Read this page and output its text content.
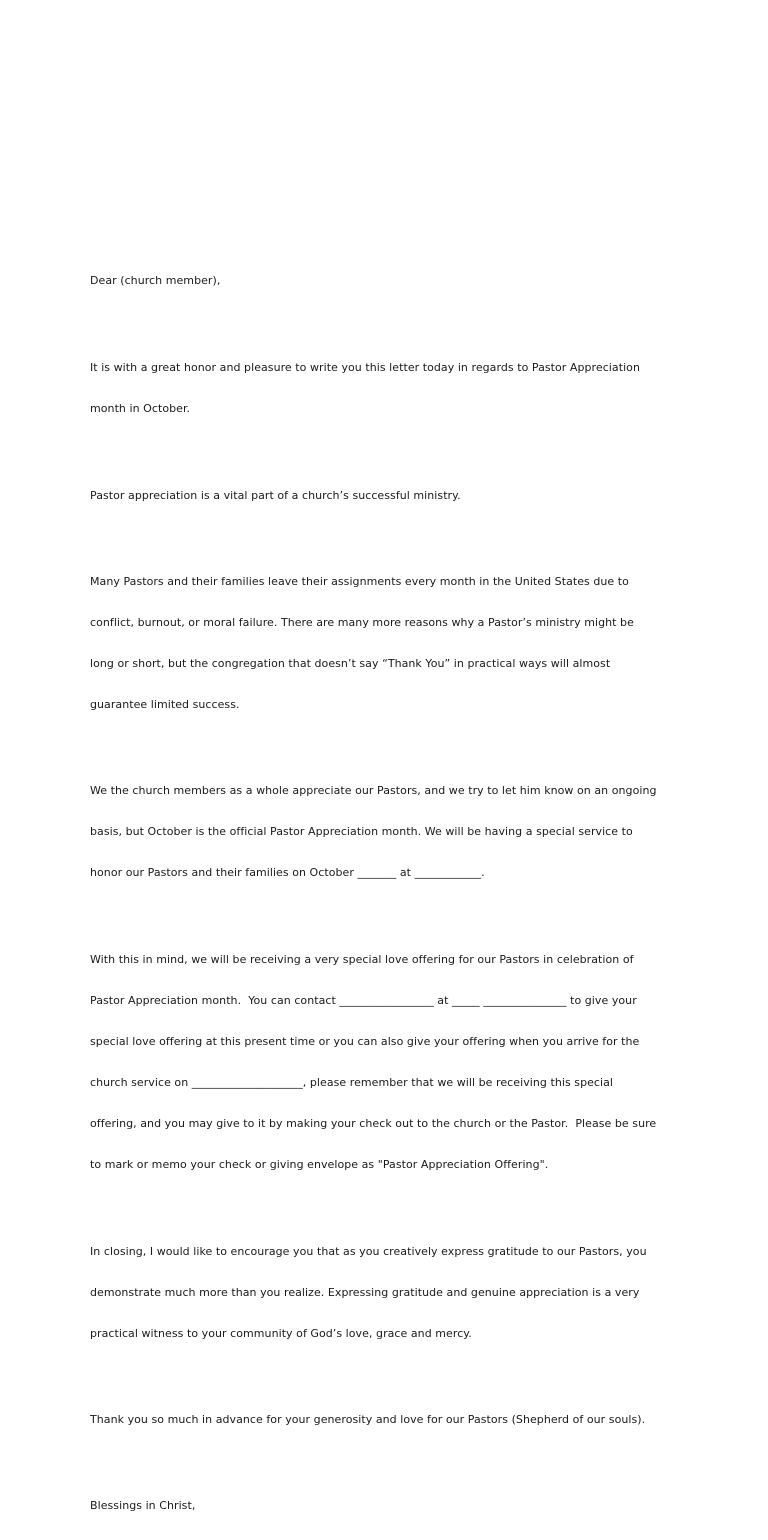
Dear (church member),

It is with a great honor and pleasure to write you this letter today in regards to Pastor Appreciation

month in October.

Pastor appreciation is a vital part of a church’s successful ministry.

Many Pastors and their families leave their assignments every month in the United States due to

conflict, burnout, or moral failure. There are many more reasons why a Pastor’s ministry might be

long or short, but the congregation that doesn’t say “Thank You” in practical ways will almost

guarantee limited success.

We the church members as a whole appreciate our Pastors, and we try to let him know on an ongoing

basis, but October is the official Pastor Appreciation month. We will be having a special service to

honor our Pastors and their families on October _______ at ____________.

With this in mind, we will be receiving a very special love offering for our Pastors in celebration of

Pastor Appreciation month.  You can contact _________________ at _____ _______________ to give your

special love offering at this present time or you can also give your offering when you arrive for the

church service on ____________________, please remember that we will be receiving this special

offering, and you may give to it by making your check out to the church or the Pastor.  Please be sure

to mark or memo your check or giving envelope as "Pastor Appreciation Offering".

In closing, I would like to encourage you that as you creatively express gratitude to our Pastors, you

demonstrate much more than you realize. Expressing gratitude and genuine appreciation is a very

practical witness to your community of God’s love, grace and mercy.

Thank you so much in advance for your generosity and love for our Pastors (Shepherd of our souls).

Blessings in Christ,
